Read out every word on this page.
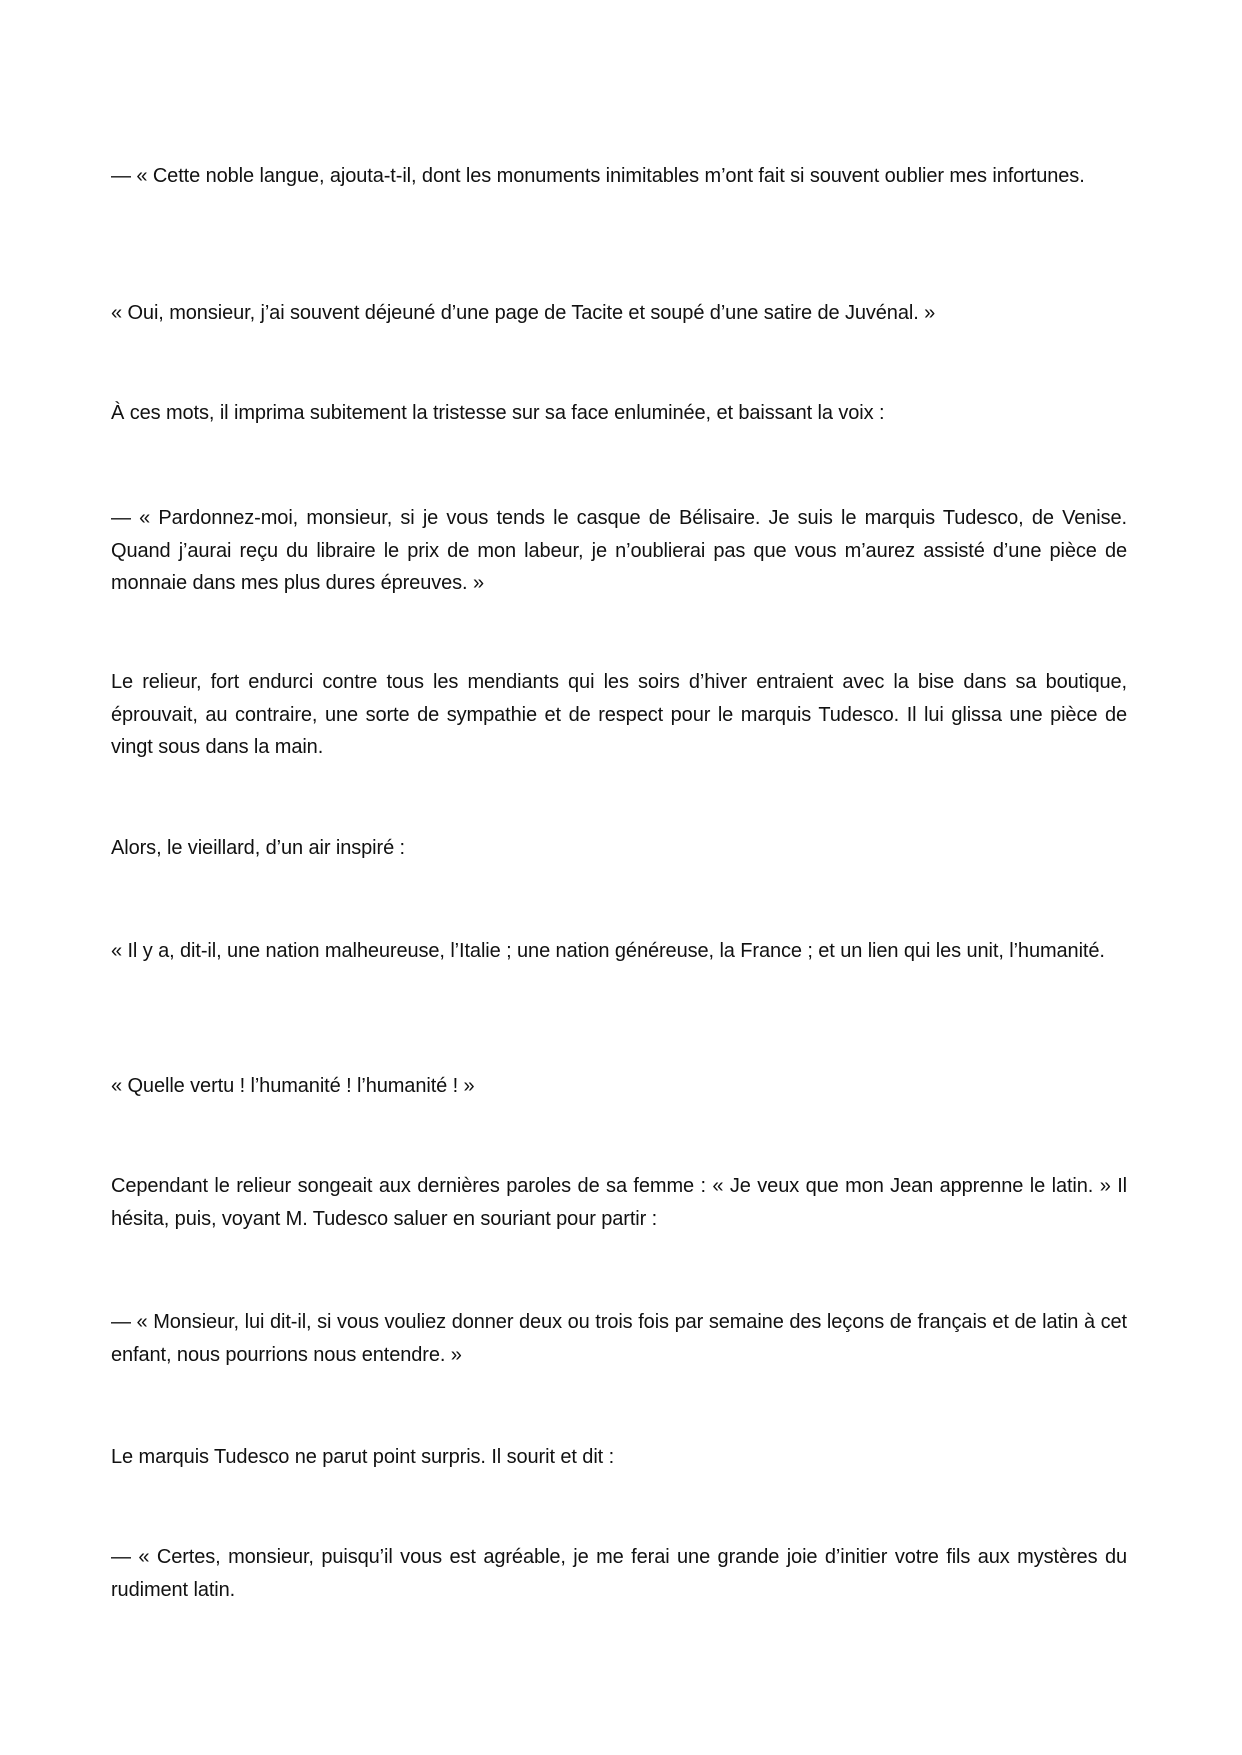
— « Cette noble langue, ajouta-t-il, dont les monuments inimitables m’ont fait si souvent oublier mes infortunes.

« Oui, monsieur, j’ai souvent déjeuné d’une page de Tacite et soupé d’une satire de Juvénal. »

À ces mots, il imprima subitement la tristesse sur sa face enluminée, et baissant la voix :

— « Pardonnez-moi, monsieur, si je vous tends le casque de Bélisaire. Je suis le marquis Tudesco, de Venise. Quand j’aurai reçu du libraire le prix de mon labeur, je n’oublierai pas que vous m’aurez assisté d’une pièce de monnaie dans mes plus dures épreuves. »

Le relieur, fort endurci contre tous les mendiants qui les soirs d’hiver entraient avec la bise dans sa boutique, éprouvait, au contraire, une sorte de sympathie et de respect pour le marquis Tudesco. Il lui glissa une pièce de vingt sous dans la main.

Alors, le vieillard, d’un air inspiré :

« Il y a, dit-il, une nation malheureuse, l’Italie ; une nation généreuse, la France ; et un lien qui les unit, l’humanité.

« Quelle vertu ! l’humanité ! l’humanité ! »

Cependant le relieur songeait aux dernières paroles de sa femme : « Je veux que mon Jean apprenne le latin. » Il hésita, puis, voyant M. Tudesco saluer en souriant pour partir :

— « Monsieur, lui dit-il, si vous vouliez donner deux ou trois fois par semaine des leçons de français et de latin à cet enfant, nous pourrions nous entendre. »

Le marquis Tudesco ne parut point surpris. Il sourit et dit :

— « Certes, monsieur, puisqu’il vous est agréable, je me ferai une grande joie d’initier votre fils aux mystères du rudiment latin.
